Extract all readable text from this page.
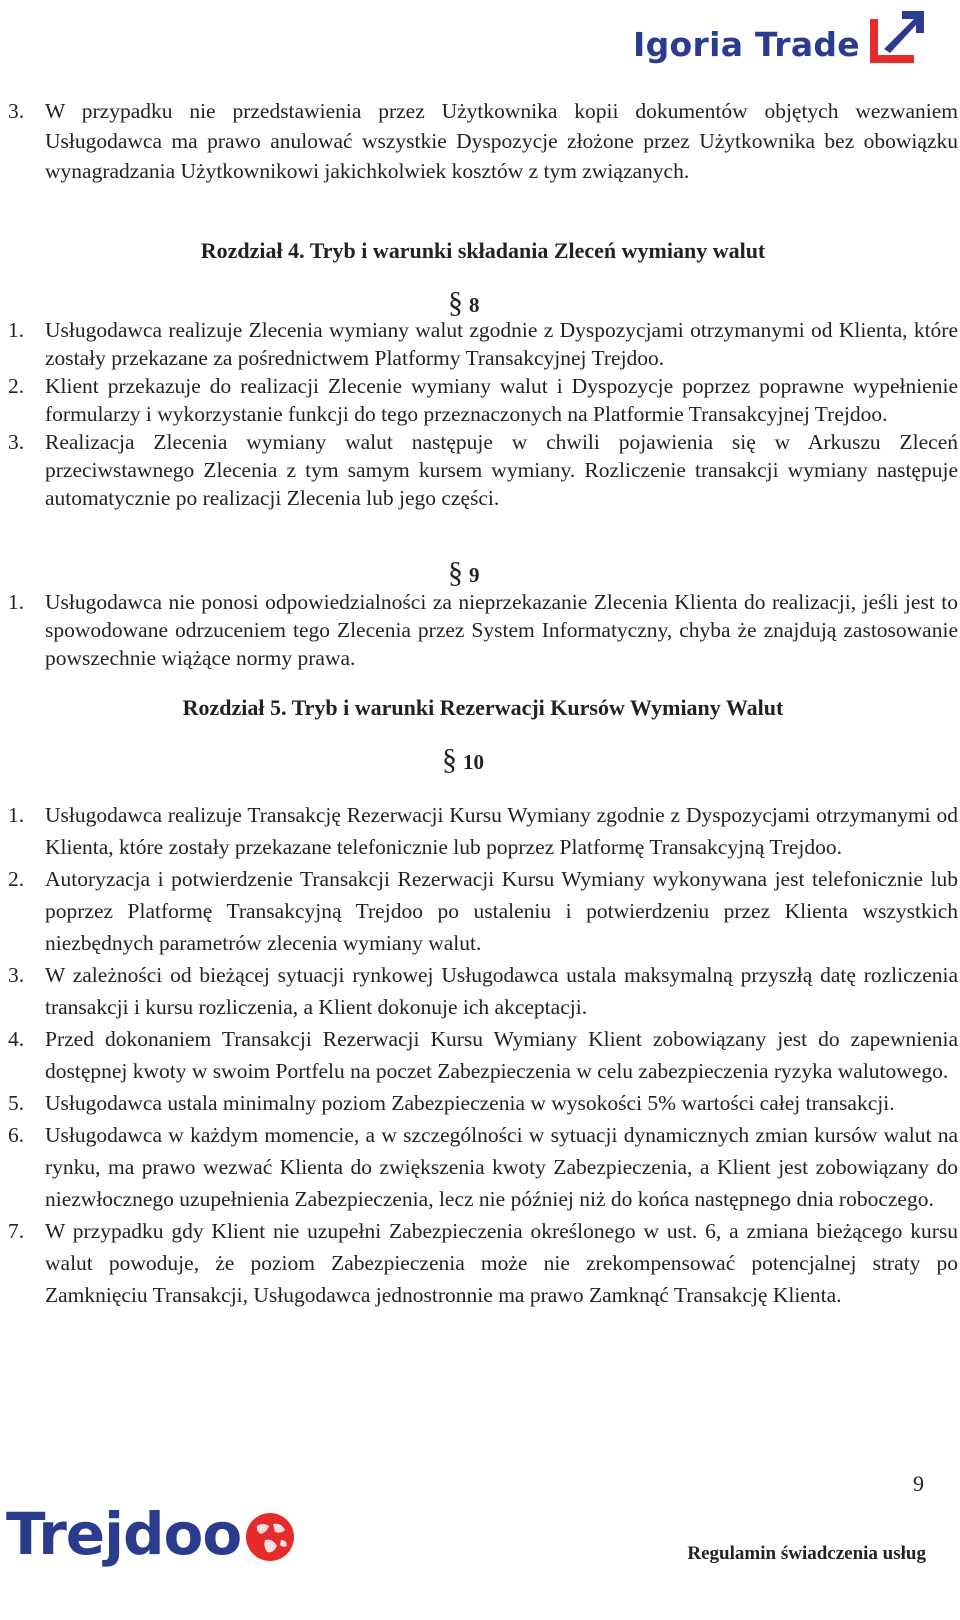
Igoria Trade

3. W przypadku nie przedstawienia przez Użytkownika kopii dokumentów objętych wezwaniem Usługodawca ma prawo anulować wszystkie Dyspozycje złożone przez Użytkownika bez obowiązku wynagradzania Użytkownikowi jakichkolwiek kosztów z tym związanych.

Rozdział 4. Tryb i warunki składania Zleceń wymiany walut
§ 8

1. Usługodawca realizuje Zlecenia wymiany walut zgodnie z Dyspozycjami otrzymanymi od Klienta, które zostały przekazane za pośrednictwem Platformy Transakcyjnej Trejdoo.

2. Klient przekazuje do realizacji Zlecenie wymiany walut i Dyspozycje poprzez poprawne wypełnienie formularzy i wykorzystanie funkcji do tego przeznaczonych na Platformie Transakcyjnej Trejdoo.

3. Realizacja Zlecenia wymiany walut następuje w chwili pojawienia się w Arkuszu Zleceń przeciwstawnego Zlecenia z tym samym kursem wymiany. Rozliczenie transakcji wymiany następuje automatycznie po realizacji Zlecenia lub jego części.

§ 9

1. Usługodawca nie ponosi odpowiedzialności za nieprzekazanie Zlecenia Klienta do realizacji, jeśli jest to spowodowane odrzuceniem tego Zlecenia przez System Informatyczny, chyba że znajdują zastosowanie powszechnie wiążące normy prawa.

Rozdział 5. Tryb i warunki Rezerwacji Kursów Wymiany Walut
§ 10

1. Usługodawca realizuje Transakcję Rezerwacji Kursu Wymiany zgodnie z Dyspozycjami otrzymanymi od Klienta, które zostały przekazane telefonicznie lub poprzez Platformę Transakcyjną Trejdoo.

2. Autoryzacja i potwierdzenie Transakcji Rezerwacji Kursu Wymiany wykonywana jest telefonicznie lub poprzez Platformę Transakcyjną Trejdoo po ustaleniu i potwierdzeniu przez Klienta wszystkich niezbędnych parametrów zlecenia wymiany walut.

3. W zależności od bieżącej sytuacji rynkowej Usługodawca ustala maksymalną przyszłą datę rozliczenia transakcji i kursu rozliczenia, a Klient dokonuje ich akceptacji.

4. Przed dokonaniem Transakcji Rezerwacji Kursu Wymiany Klient zobowiązany jest do zapewnienia dostępnej kwoty w swoim Portfelu na poczet Zabezpieczenia w celu zabezpieczenia ryzyka walutowego.

5. Usługodawca ustala minimalny poziom Zabezpieczenia w wysokości 5% wartości całej transakcji.

6. Usługodawca w każdym momencie, a w szczególności w sytuacji dynamicznych zmian kursów walut na rynku, ma prawo wezwać Klienta do zwiększenia kwoty Zabezpieczenia, a Klient jest zobowiązany do niezwłocznego uzupełnienia Zabezpieczenia, lecz nie później niż do końca następnego dnia roboczego.

7. W przypadku gdy Klient nie uzupełni Zabezpieczenia określonego w ust. 6, a zmiana bieżącego kursu walut powoduje, że poziom Zabezpieczenia może nie zrekompensować potencjalnej straty po Zamknięciu Transakcji, Usługodawca jednostronnie ma prawo Zamknąć Transakcję Klienta.

9
Trejdoo	Regulamin świadczenia usług
